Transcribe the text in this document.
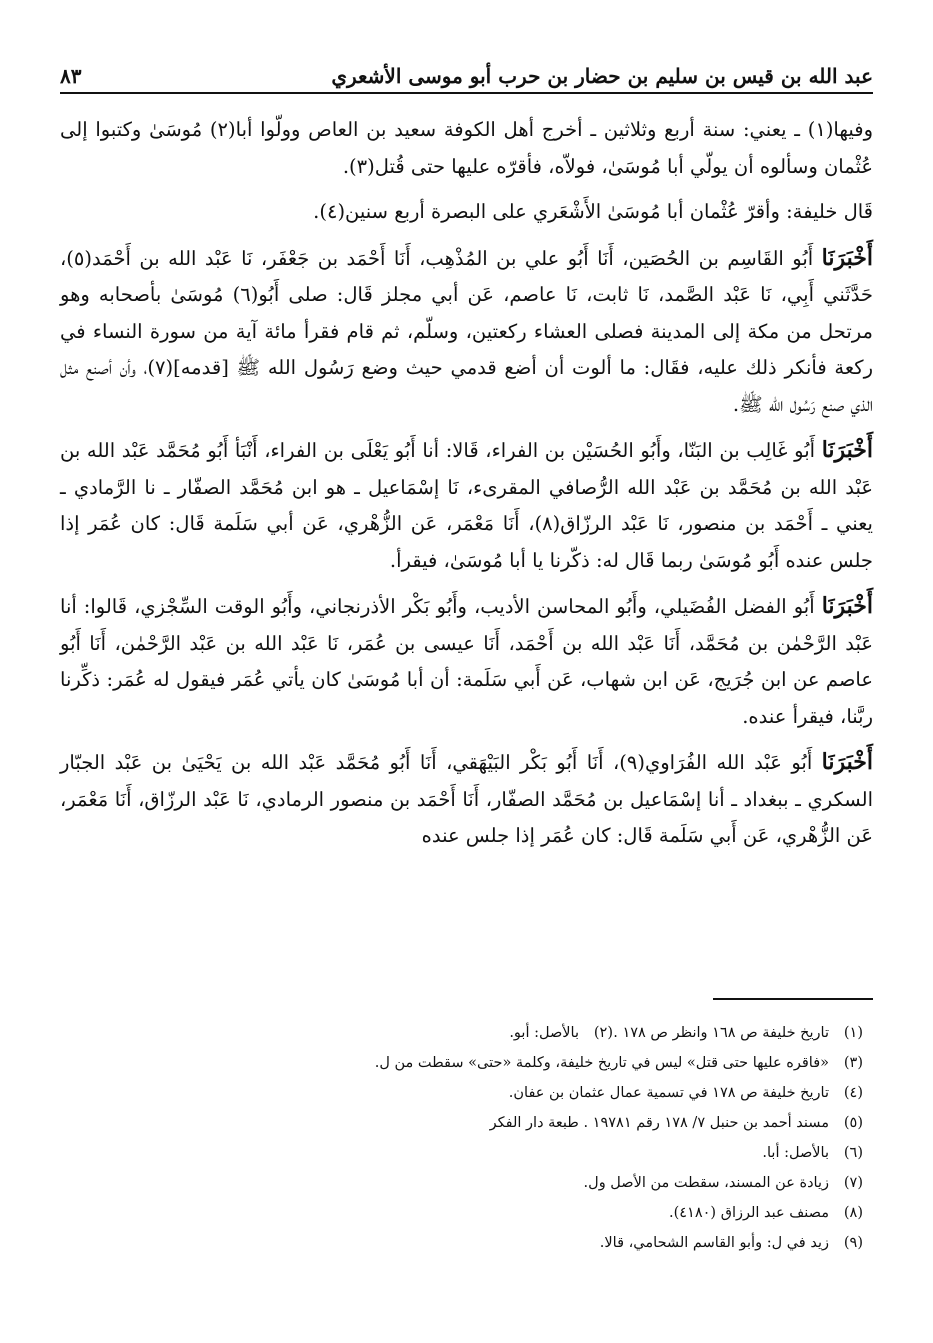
عبد الله بن قيس بن سليم بن حضار بن حرب أبو موسى الأشعري
٨٣

وفيها(١) ـ يعني: سنة أربع وثلاثين ـ أخرج أهل الكوفة سعيد بن العاص وولّوا أبا(٢) مُوسَىٰ وكتبوا إلى عُثْمان وسألوه أن يولّي أبا مُوسَىٰ، فولاّه، فأقرّه عليها حتى قُتل(٣).

قَال خليفة: وأقرّ عُثْمان أبا مُوسَىٰ الأَشْعَري على البصرة أربع سنين(٤).

أَخْبَرَنَا أَبُو القَاسِم بن الحُصَين، أَنَا أَبُو علي بن المُذْهِب، أَنَا أَحْمَد بن جَعْفَر، نَا عَبْد الله بن أَحْمَد(٥)، حَدَّثَني أَبِي، نَا عَبْد الصَّمد، نَا ثابت، نَا عاصم، عَن أبي مجلز قَال: صلى أَبُو(٦) مُوسَىٰ بأصحابه وهو مرتحل من مكة إلى المدينة فصلى العشاء ركعتين، وسلّم، ثم قام فقرأ مائة آية من سورة النساء في ركعة فأنكر ذلك عليه، فقَال: ما ألوت أن أضع قدمي حيث وضع رَسُول الله ﷺ [قدمه](٧)، وأن أصنع مثل الذي صنع رَسُول الله ﷺ.

أَخْبَرَنَا أَبُو غَالِب بن البَنّا، وأَبُو الحُسَيْن بن الفراء، قَالا: أنا أَبُو يَعْلَى بن الفراء، أَنْبَأ أَبُو مُحَمَّد عَبْد الله بن عَبْد الله بن مُحَمَّد بن عَبْد الله الرُّصافي المقرىء، نَا إسْمَاعيل ـ هو ابن مُحَمَّد الصفّار ـ نا الرَّمادي ـ يعني ـ أَحْمَد بن منصور، نَا عَبْد الرزّاق(٨)، أَنَا مَعْمَر، عَن الزُّهْري، عَن أبي سَلَمة قَال: كان عُمَر إذا جلس عنده أَبُو مُوسَىٰ ربما قَال له: ذكّرنا يا أبا مُوسَىٰ، فيقرأ.

أَخْبَرَنَا أَبُو الفضل الفُضَيلي، وأَبُو المحاسن الأديب، وأَبُو بَكْر الأذرنجاني، وأَبُو الوقت السِّجْزي، قَالوا: أنا عَبْد الرَّحْمٰن بن مُحَمَّد، أَنَا عَبْد الله بن أَحْمَد، أَنَا عيسى بن عُمَر، نَا عَبْد الله بن عَبْد الرَّحْمٰن، أَنَا أَبُو عاصم عن ابن جُرَيج، عَن ابن شهاب، عَن أَبي سَلَمة: أن أبا مُوسَىٰ كان يأتي عُمَر فيقول له عُمَر: ذكِّرنا ربَّنا، فيقرأ عنده.

أَخْبَرَنَا أَبُو عَبْد الله الفُرَاوي(٩)، أَنَا أَبُو بَكْر البَيْهَقي، أَنَا أَبُو مُحَمَّد عَبْد الله بن يَحْيَىٰ بن عَبْد الجبّار السكري ـ ببغداد ـ أنا إسْمَاعيل بن مُحَمَّد الصفّار، أَنَا أَحْمَد بن منصور الرمادي، نَا عَبْد الرزّاق، أَنَا مَعْمَر، عَن الزُّهْري، عَن أَبي سَلَمة قَال: كان عُمَر إذا جلس عنده

(١)
تاريخ خليفة ص ١٦٨ وانظر ص ١٧٨ .
(٢)
بالأصل: أبو.
(٣)
«فاقره عليها حتى قتل» ليس في تاريخ خليفة، وكلمة «حتى» سقطت من ل.
(٤)
تاريخ خليفة ص ١٧٨ في تسمية عمال عثمان بن عفان.
(٥)
مسند أحمد بن حنبل ٧/ ١٧٨ رقم ١٩٧٨١ . طبعة دار الفكر
(٦)
بالأصل: أبا.
(٧)
زيادة عن المسند، سقطت من الأصل ول.
(٨)
مصنف عبد الرزاق (٤١٨٠).
(٩)
زيد في ل: وأبو القاسم الشحامي، قالا.
